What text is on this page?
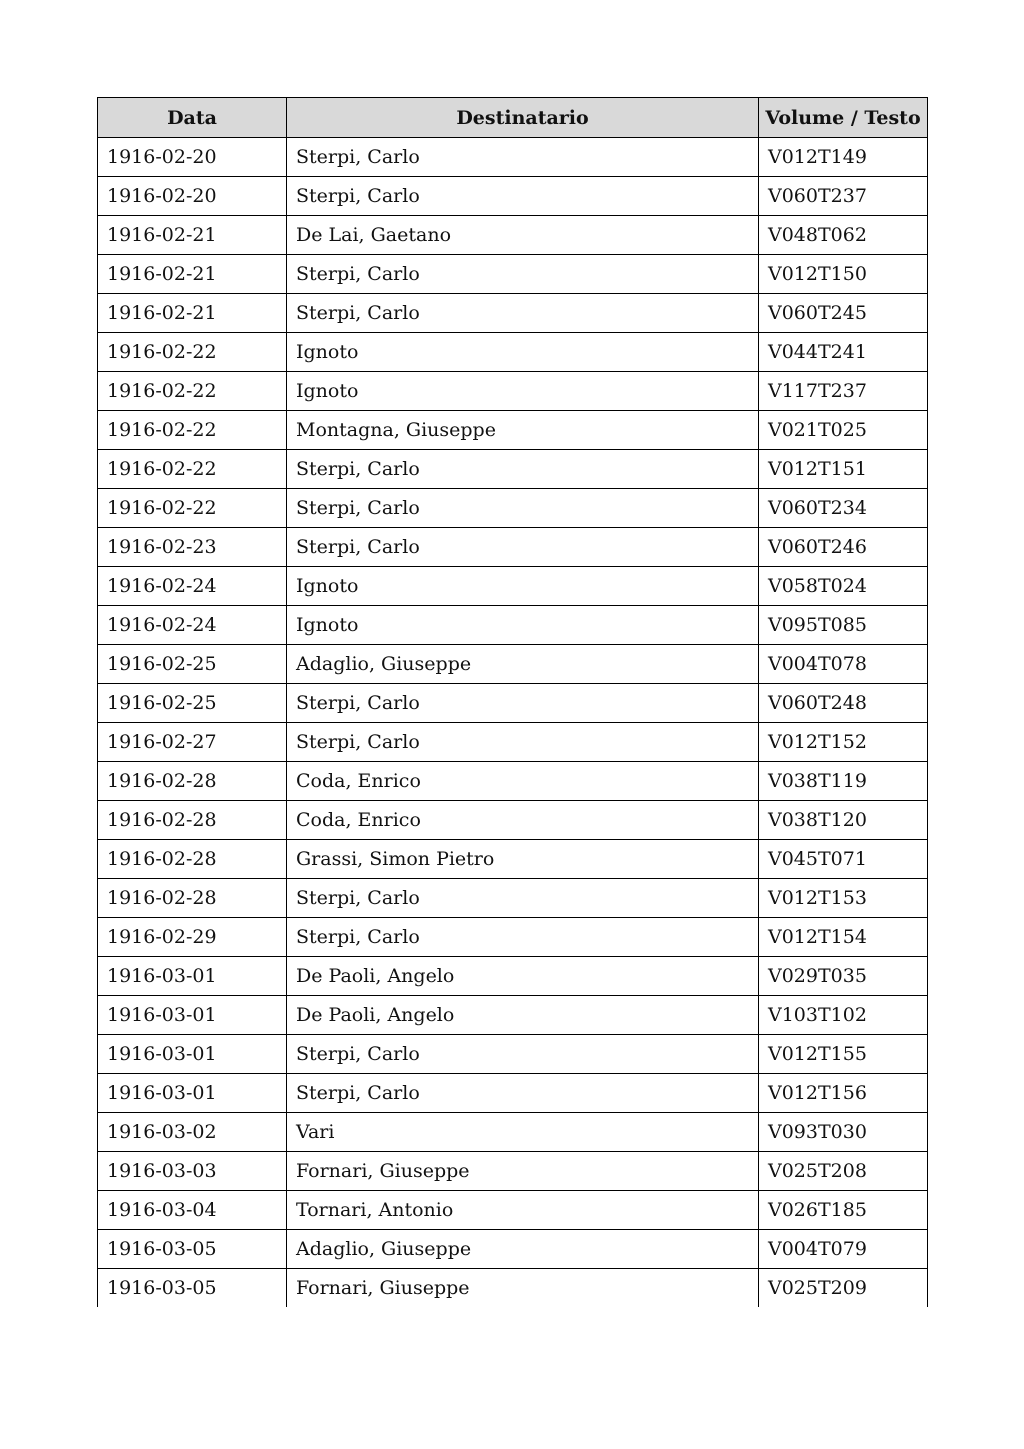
Data	Destinatario	Volume / Testo
1916-02-20	Sterpi, Carlo	V012T149
1916-02-20	Sterpi, Carlo	V060T237
1916-02-21	De Lai, Gaetano	V048T062
1916-02-21	Sterpi, Carlo	V012T150
1916-02-21	Sterpi, Carlo	V060T245
1916-02-22	Ignoto	V044T241
1916-02-22	Ignoto	V117T237
1916-02-22	Montagna, Giuseppe	V021T025
1916-02-22	Sterpi, Carlo	V012T151
1916-02-22	Sterpi, Carlo	V060T234
1916-02-23	Sterpi, Carlo	V060T246
1916-02-24	Ignoto	V058T024
1916-02-24	Ignoto	V095T085
1916-02-25	Adaglio, Giuseppe	V004T078
1916-02-25	Sterpi, Carlo	V060T248
1916-02-27	Sterpi, Carlo	V012T152
1916-02-28	Coda, Enrico	V038T119
1916-02-28	Coda, Enrico	V038T120
1916-02-28	Grassi, Simon Pietro	V045T071
1916-02-28	Sterpi, Carlo	V012T153
1916-02-29	Sterpi, Carlo	V012T154
1916-03-01	De Paoli, Angelo	V029T035
1916-03-01	De Paoli, Angelo	V103T102
1916-03-01	Sterpi, Carlo	V012T155
1916-03-01	Sterpi, Carlo	V012T156
1916-03-02	Vari	V093T030
1916-03-03	Fornari, Giuseppe	V025T208
1916-03-04	Tornari, Antonio	V026T185
1916-03-05	Adaglio, Giuseppe	V004T079
1916-03-05	Fornari, Giuseppe	V025T209
